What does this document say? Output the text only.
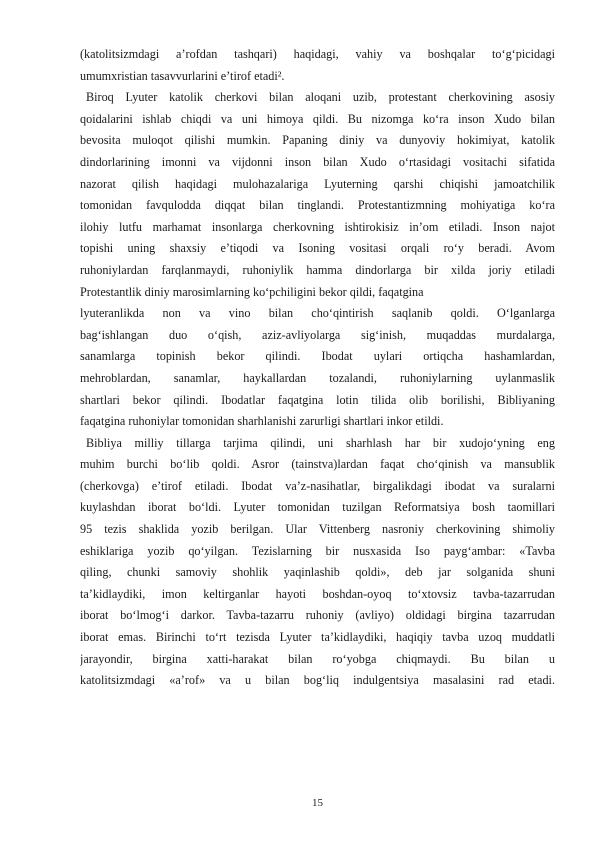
(katolitsizmdagi a’rofdan tashqari) haqidagi, vahiy va boshqalar to‘g‘picidagi
umumxristian tasavvurlarini e’tirof etadi².
Biroq Lyuter katolik cherkovi bilan aloqani uzib, protestant cherkovining asosiy
qoidalarini ishlab chiqdi va uni himoya qildi. Bu nizomga ko‘ra inson Xudo bilan
bevosita muloqot qilishi mumkin. Papaning diniy va dunyoviy hokimiyat, katolik
dindorlarining imonni va vijdonni inson bilan Xudo o‘rtasidagi vositachi sifatida
nazorat qilish haqidagi mulohazalariga Lyuterning qarshi chiqishi jamoatchilik
tomonidan favqulodda diqqat bilan tinglandi. Protestantizmning mohiyatiga ko‘ra
ilohiy lutfu marhamat insonlarga cherkovning ishtirokisiz in’om etiladi. Inson najot
topishi uning shaxsiy e’tiqodi va Isoning vositasi orqali ro‘y beradi. Avom
ruhoniylardan farqlanmaydi, ruhoniylik hamma dindorlarga bir xilda joriy etiladi
Protestantlik diniy marosimlarning ko‘pchiligini bekor qildi, faqatgina
lyuteranlikda non va vino bilan cho‘qintirish saqlanib qoldi. O‘lganlarga
bag‘ishlangan duo o‘qish, aziz-avliyolarga sig‘inish, muqaddas murdalarga,
sanamlarga topinish bekor qilindi. Ibodat uylari ortiqcha hashamlardan,
mehroblardan, sanamlar, haykallardan tozalandi, ruhoniylarning uylanmaslik
shartlari bekor qilindi. Ibodatlar faqatgina lotin tilida olib borilishi, Bibliyaning
faqatgina ruhoniylar tomonidan sharhlanishi zarurligi shartlari inkor etildi.
Bibliya milliy tillarga tarjima qilindi, uni sharhlash har bir xudojo‘yning eng
muhim burchi bo‘lib qoldi. Asror (tainstva)lardan faqat cho‘qinish va mansublik
(cherkovga) e’tirof etiladi. Ibodat va’z-nasihatlar, birgalikdagi ibodat va suralarni
kuylashdan iborat bo‘ldi. Lyuter tomonidan tuzilgan Reformatsiya bosh taomillari
95 tezis shaklida yozib berilgan. Ular Vittenberg nasroniy cherkovining shimoliy
eshiklariga yozib qo‘yilgan. Tezislarning bir nusxasida Iso payg‘ambar: «Tavba
qiling, chunki samoviy shohlik yaqinlashib qoldi», deb jar solganida shuni
ta’kidlaydiki, imon keltirganlar hayoti boshdan-oyoq to‘xtovsiz tavba-tazarrudan
iborat bo‘lmog‘i darkor. Tavba-tazarru ruhoniy (avliyo) oldidagi birgina tazarrudan
iborat emas. Birinchi to‘rt tezisda Lyuter ta’kidlaydiki, haqiqiy tavba uzoq muddatli
jarayondir, birgina xatti-harakat bilan ro‘yobga chiqmaydi. Bu bilan u
katolitsizmdagi «a’rof» va u bilan bog‘liq indulgentsiya masalasini rad etadi.
15
